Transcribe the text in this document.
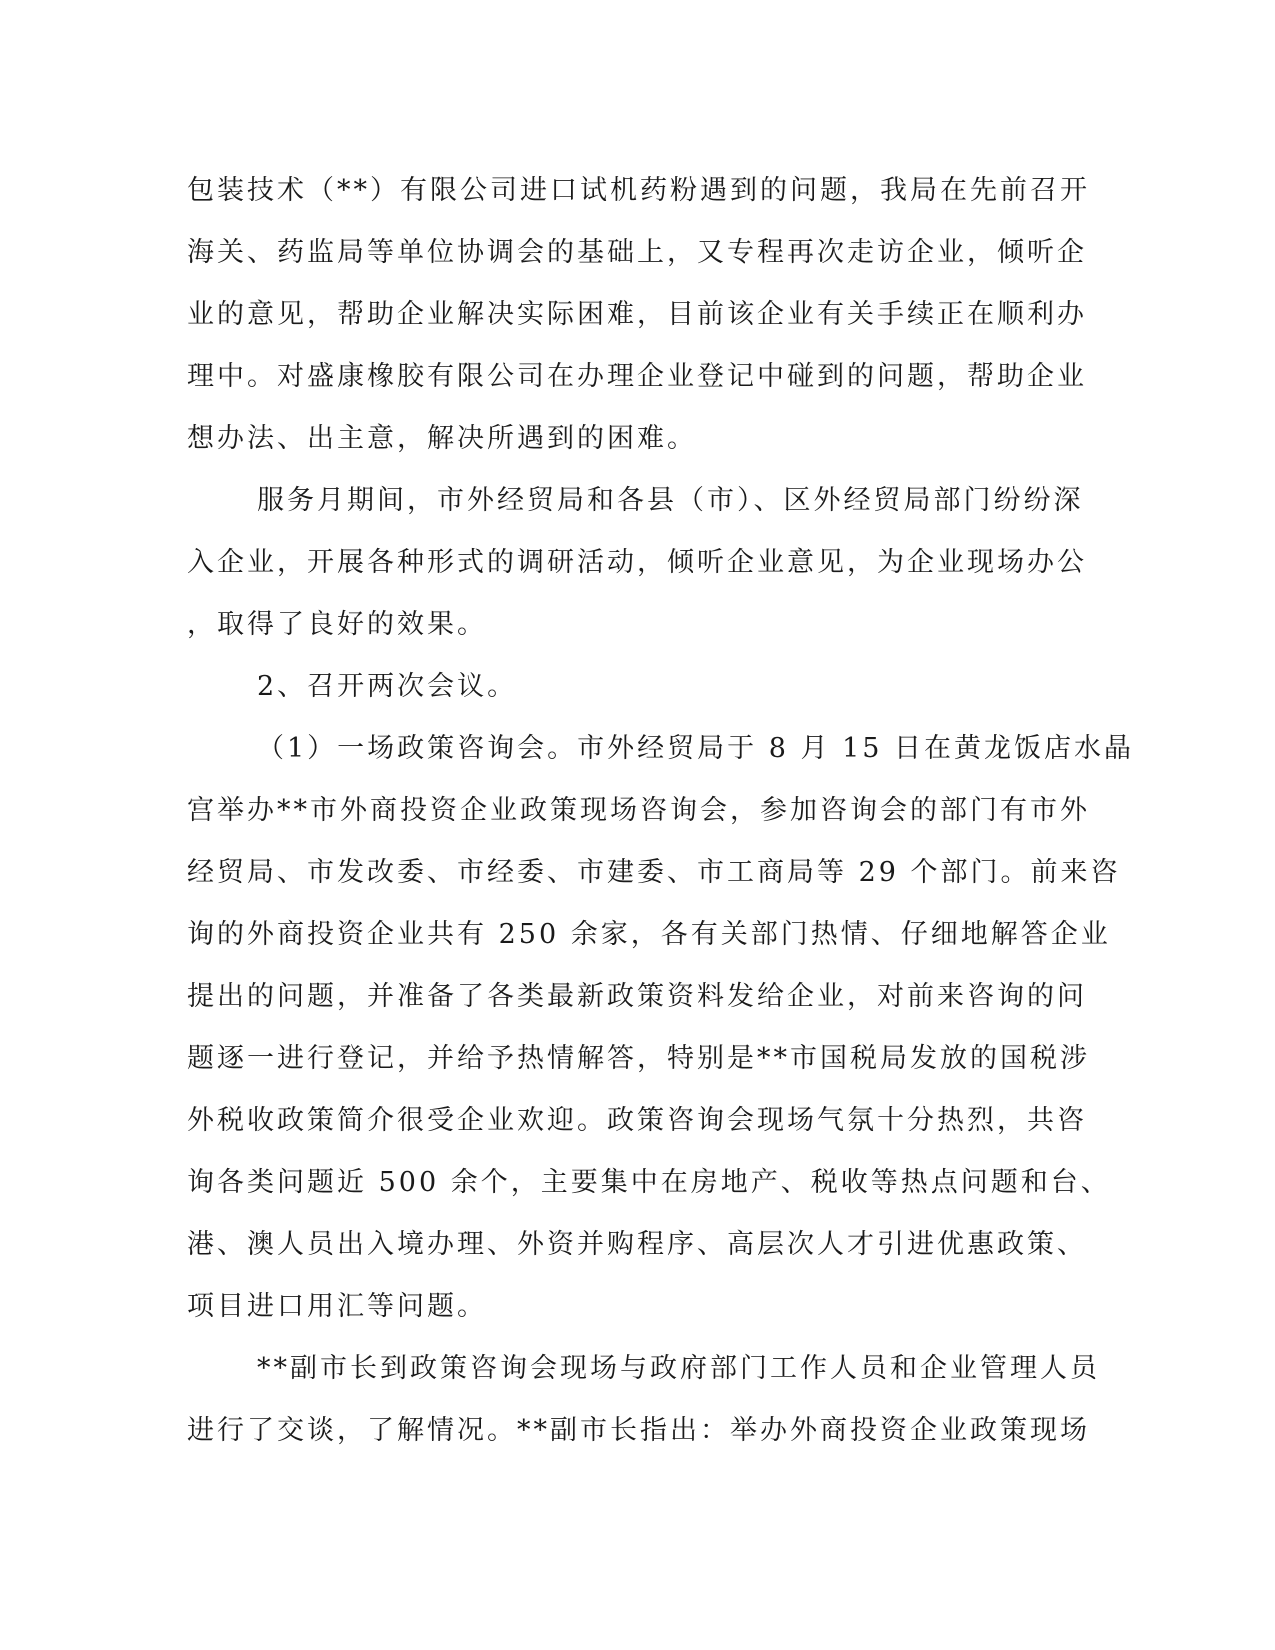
包装技术（**）有限公司进口试机药粉遇到的问题，我局在先前召开
海关、药监局等单位协调会的基础上，又专程再次走访企业，倾听企
业的意见，帮助企业解决实际困难，目前该企业有关手续正在顺利办
理中。对盛康橡胶有限公司在办理企业登记中碰到的问题，帮助企业
想办法、出主意，解决所遇到的困难。
服务月期间，市外经贸局和各县（市）、区外经贸局部门纷纷深
入企业，开展各种形式的调研活动，倾听企业意见，为企业现场办公
，取得了良好的效果。
2、召开两次会议。
（1）一场政策咨询会。市外经贸局于 8 月 15 日在黄龙饭店水晶
宫举办**市外商投资企业政策现场咨询会，参加咨询会的部门有市外
经贸局、市发改委、市经委、市建委、市工商局等 29 个部门。前来咨
询的外商投资企业共有 250 余家，各有关部门热情、仔细地解答企业
提出的问题，并准备了各类最新政策资料发给企业，对前来咨询的问
题逐一进行登记，并给予热情解答，特别是**市国税局发放的国税涉
外税收政策简介很受企业欢迎。政策咨询会现场气氛十分热烈，共咨
询各类问题近 500 余个，主要集中在房地产、税收等热点问题和台、
港、澳人员出入境办理、外资并购程序、高层次人才引进优惠政策、
项目进口用汇等问题。
**副市长到政策咨询会现场与政府部门工作人员和企业管理人员
进行了交谈，了解情况。**副市长指出：举办外商投资企业政策现场
